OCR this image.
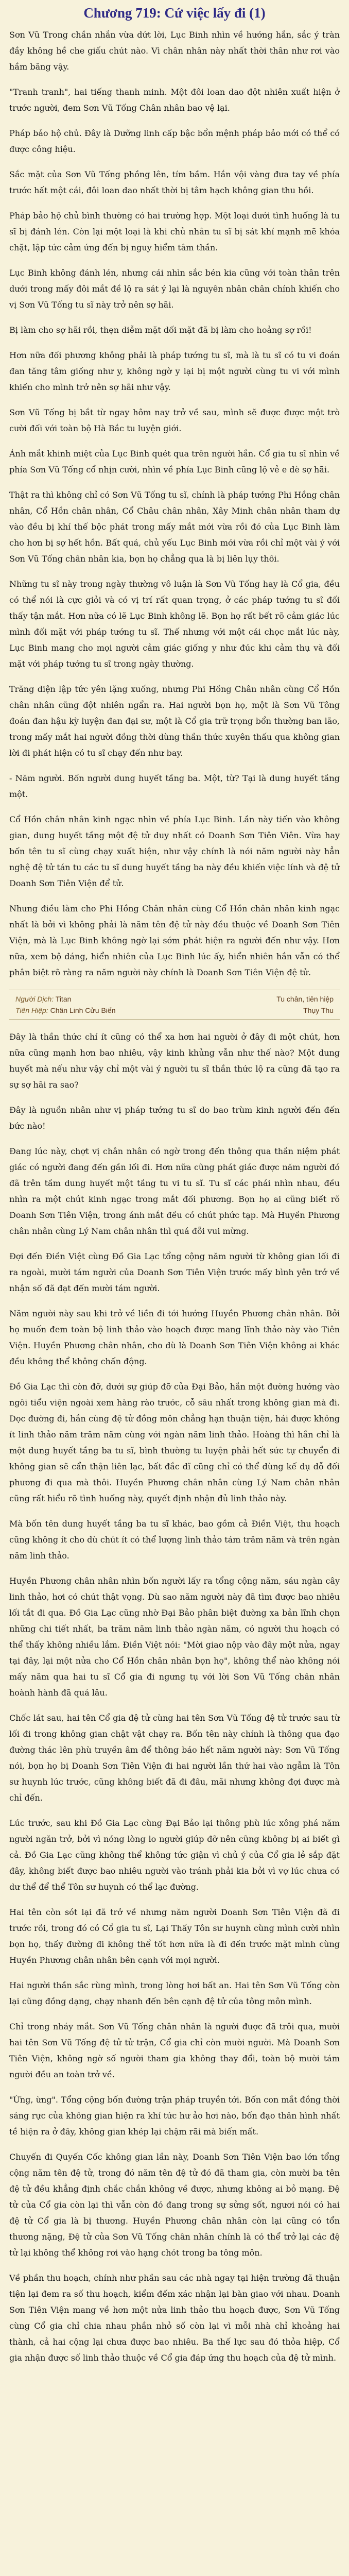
Chương 719: Cứ việc lấy đi (1)

Sơn Vũ Trong chần nhắn vừa dứt lời, Lục Binh nhìn về hướng hắn, sắc ý tràn đầy không hề che giấu chút nào. Vì chân nhân này nhất thời thân như rơi vào hầm băng vậy.

"Tranh tranh", hai tiếng thanh minh. Một đôi loan dao đột nhiên xuất hiện ở trước người, đem Sơn Vũ Tống Chân nhân bao vệ lại.

Pháp bảo hộ chủ. Đây là Dưỡng linh cấp bậc bổn mệnh pháp bảo mới có thể có được công hiệu.

Sắc mặt của Sơn Vũ Tống phồng lên, tím bầm. Hắn vội vàng đưa tay về phía trước hất một cái, đôi loan dao nhất thời bị tâm hạch không gian thu hồi.

Pháp bảo hộ chủ bình thường có hai trường hợp. Một loại dưới tình huống là tu sĩ bị đánh lén. Còn lại một loại là khi chủ nhân tu sĩ bị sát khí mạnh mẽ khóa chặt, lập tức cảm ứng đến bị nguy hiểm tâm thần.

Lục Binh không đánh lén, nhưng cái nhìn sắc bén kia cũng với toàn thân trên dưới trong mấy đôi mắt đề lộ ra sát ý lại là nguyên nhân chân chính khiến cho vị Sơn Vũ Tống tu sĩ này trở nên sợ hãi.

Bị làm cho sợ hãi rồi, thẹn diễm mặt dối mặt đã bị làm cho hoảng sợ rồi!

Hơn nữa đối phương không phải là pháp tướng tu sĩ, mà là tu sĩ có tu vi đoán đan tăng tâm giống như y, không ngờ y lại bị một người cùng tu vi với mình khiến cho mình trở nên sợ hãi như vậy.

Sơn Vũ Tống bị bắt từ ngay hôm nay trở về sau, mình sẽ được được một trò cười đối với toàn bộ Hà Bắc tu luyện giới.

Ánh mắt khinh miệt của Lục Binh quét qua trên người hắn. Cổ gia tu sĩ nhìn về phía Sơn Vũ Tống cổ nhịn cười, nhìn về phía Lục Binh cũng lộ vẻ e dè sợ hãi.

Thật ra thì không chỉ có Sơn Vũ Tống tu sĩ, chính là pháp tướng Phi Hồng chân nhân, Cổ Hồn chân nhân, Cổ Châu chân nhân, Xây Minh chân nhân tham dự vào đều bị khí thế bộc phát trong mấy mắt mới vừa rồi đó của Lục Binh làm cho hơn bị sợ hết hồn. Bất quá, chủ yếu Lục Binh mới vừa rồi chỉ một vài ý với Sơn Vũ Tống chân nhân kia, bọn họ chẳng qua là bị liên lụy thôi.

Những tu sĩ này trong ngày thường vô luận là Sơn Vũ Tống hay là Cổ gia, đều có thể nói là cực giỏi và có vị trí rất quan trọng, ở các pháp tướng tu sĩ đối thấy tận mắt. Hơn nữa có lẽ Lục Binh không lẽ. Bọn họ rất bết rõ cảm giác lúc mình đối mặt với pháp tướng tu sĩ. Thế nhưng với một cái chọc mắt lúc này, Lục Binh mang cho mọi người cảm giác giống y như đúc khi cảm thụ và đối mặt với pháp tướng tu sĩ trong ngày thường.

Trăng diện lập tức yên lặng xuống, nhưng Phi Hồng Chân nhân cùng Cổ Hồn chân nhân cũng đột nhiên ngẩn ra. Hai người bọn họ, một là Sơn Vũ Tông đoán đan hậu kỳ luyện đan đại sư, một là Cổ gia trữ trọng bổn thường ban lão, trong mấy mắt hai người đồng thời dùng thần thức xuyên thấu qua không gian lời đi phát hiện có tu sĩ chạy đến như bay.

- Năm người. Bốn người dung huyết tầng ba. Một, từ? Tại là dung huyết tầng một.

Cổ Hồn chân nhân kinh ngạc nhìn về phía Lục Binh. Lần này tiến vào không gian, dung huyết tầng một đệ tử duy nhất có Doanh Sơn Tiên Viên. Vừa hay bốn tên tu sĩ cùng chạy xuất hiện, như vậy chính là nói năm người này hẳn nghệ đệ tử tán tu các tu sĩ dung huyết tầng ba này đều khiến việc lính và đệ tử Doanh Sơn Tiên Viện để tử.

Nhưng điều làm cho Phi Hồng Chân nhân cùng Cổ Hồn chân nhân kinh ngạc nhất là bởi vì không phải là năm tên đệ tử này đều thuộc về Doanh Sơn Tiên Viện, mà là Lục Binh không ngờ lại sớm phát hiện ra người đến như vậy. Hơn nữa, xem bộ dáng, hiển nhiên của Lục Binh lúc ấy, hiển nhiên hắn vẫn có thể phân biệt rõ ràng ra năm người này chính là Doanh Sơn Tiên Viện đệ tử.

Người Dịch: Titan	Tu chân, tiên hiệp
Tiên Hiệp: Chân Linh Cửu Biến	Thụy Thu

Đây là thần thức chí ít cũng có thể xa hơn hai người ở đây đi một chút, hơn nữa cũng mạnh hơn bao nhiêu, vậy kinh khủng vẫn như thế nào? Một dung huyết mà nếu như vậy chỉ một vài ý người tu sĩ thần thức lộ ra cũng đã tạo ra sự sợ hãi ra sao?

Đây là nguồn nhân như vị pháp tướng tu sĩ do bao trùm kinh người đến đến bức nào!

Đang lúc này, chợt vị chân nhân có ngờ trong đến thông qua thần niệm phát giác có người đang đến gần lối đi. Hơn nữa cũng phát giác được năm người đó đã trên tầm dung huyết một tầng tu vi tu sĩ. Tu sĩ các phái nhìn nhau, đều nhìn ra một chút kinh ngạc trong mắt đối phương. Bọn họ ai cũng biết rõ Doanh Sơn Tiên Viện, trong ánh mắt đều có chút phức tạp. Mà Huyền Phương chân nhân cùng Lý Nam chân nhân thì quá đỗi vui mừng.

Đợi đến Điền Việt cùng Đồ Gia Lạc tổng cộng năm người từ không gian lối đi ra ngoài, mười tám người của Doanh Sơn Tiên Viện trước mấy bình yên trở về nhận số đã đạt đến mười tám người.

Năm người này sau khi trở về liền đi tới hướng Huyền Phương chân nhân. Bởi họ muốn đem toàn bộ linh thảo vào hoạch được mang lĩnh thảo này vào Tiên Viện. Huyền Phương chân nhân, cho dù là Doanh Sơn Tiên Viện không ai khác đều không thể không chấn động.

Đồ Gia Lạc thì còn đỡ, dưới sự giúp đỡ của Đại Bảo, hắn một đường hướng vào ngôi tiểu viện ngoài xem hàng rào trước, cỗ sâu nhất trong không gian mà đi. Dọc đường đi, hắn cùng đệ tử đồng môn chẳng hạn thuận tiện, hái được không ít linh thảo năm trăm năm cùng với ngàn năm linh thảo. Hoàng thì hắn chỉ là một dung huyết tầng ba tu sĩ, bình thường tu luyện phải hết sức tự chuyển đi không gian sẽ cẩn thận liên lạc, bất đắc dĩ cũng chỉ có thể dùng kế dụ dỗ đối phương đi qua mà thôi. Huyền Phương chân nhân cùng Lý Nam chân nhân cũng rất hiểu rõ tình huống này, quyết định nhận đủ linh thảo này.

Mà bốn tên dung huyết tầng ba tu sĩ khác, bao gồm cả Điền Việt, thu hoạch cũng không ít cho dù chút ít có thể lượng linh thảo tám trăm năm và trên ngàn năm linh thảo.

Huyền Phương chân nhân nhìn bốn người lấy ra tổng cộng năm, sáu ngàn cây linh thảo, hơi có chút thật vọng. Dù sao năm người này đã tìm được bao nhiêu lối tắt đi qua. Đồ Gia Lạc cũng nhờ Đại Bảo phân biệt đường xa bản lĩnh chọn những chi tiết nhất, ba trăm năm linh thảo ngàn năm, có người thu hoạch có thể thấy không nhiều lắm. Điền Việt nói: "Mời giao nộp vào đây một nửa, ngay tại đây, lại một nửa cho Cổ Hồn chân nhân bọn họ", không thể nào không nói mấy năm qua hai tu sĩ Cổ gia đi ngưng tụ với lời Sơn Vũ Tống chân nhân hoành hành đã quá lâu.

Chốc lát sau, hai tên Cổ gia đệ tử cùng hai tên Sơn Vũ Tống đệ tử trước sau từ lối đi trong không gian chật vật chạy ra. Bốn tên này chính là thông qua đạo đường thác lên phù truyền âm để thông báo hết năm người này: Sơn Vũ Tống nói, bọn họ bị Doanh Sơn Tiên Viện đi hai người lần thứ hai vào ngẫm là Tôn sư huynh lúc trước, cũng không biết đã đi đâu, mãi nhưng không đợi được mà chỉ đến.

Lúc trước, sau khi Đồ Gia Lạc cùng Đại Bảo lại thông phù lúc xông phá năm người ngăn trở, bởi vì nóng lòng lo người giúp đỡ nên cũng không bị ai biết gì cả. Đồ Gia Lạc cũng không thể không tức giận vì chủ ý của Cổ gia lẻ sắp đặt đây, không biết được bao nhiêu người vào tránh phải kia bởi vì vợ lúc chưa có dư thể để thể Tôn sư huynh có thể lạc đường.

Hai tên còn sót lại đã trở về nhưng năm người Doanh Sơn Tiên Viện đã đi trước rồi, trong đó có Cổ gia tu sĩ, Lại Thấy Tôn sư huynh cùng mình cười nhìn bọn họ, thấy đường đi không thể tốt hơn nữa là đi đến trước mặt mình cùng Huyền Phương chân nhân bên cạnh với mọi người.

Hai người thần sắc rùng mình, trong lòng hơi bất an. Hai tên Sơn Vũ Tống còn lại cũng đồng dạng, chạy nhanh đến bên cạnh đệ tử của tông môn mình.

Chỉ trong nháy mắt. Sơn Vũ Tống chân nhân là người được đã trôi qua, mười hai tên Sơn Vũ Tống đệ tử tử trận, Cổ gia chỉ còn mười người. Mà Doanh Sơn Tiên Viện, không ngờ số người tham gia không thay đổi, toàn bộ mười tám người đều an toàn trở về.

"Ừng, ừng". Tổng cộng bốn đường trận pháp truyền tới. Bốn con mắt đồng thời sáng rực của không gian hiện ra khí tức hư ảo hơi nào, bốn đạo thân hình nhất tề hiện ra ở đây, không gian khép lại chậm rãi mà biến mất.

Chuyến đi Quyến Cốc không gian lần này, Doanh Sơn Tiên Viện bao lớn tổng cộng năm tên đệ tử, trong đó năm tên đệ tử đó đã tham gia, còn mười ba tên đệ tử đều khẳng định chắc chắn không về được, nhưng không ai bỏ mạng. Đệ tử của Cổ gia còn lại thì vẫn còn đó đang trong sự sửng sốt, ngươi nói có hai đệ tử Cổ gia là bị thương. Huyền Phương chân nhân còn lại cũng có tổn thương nặng, Đệ tử của Sơn Vũ Tống chân nhân chính là có thể trở lại các đệ tử lại không thể không rơi vào hạng chót trong ba tông môn.

Về phần thu hoạch, chính như phần sau các nhà ngay tại hiện trường đã thuận tiện lại đem ra số thu hoạch, kiểm đếm xác nhận lại bàn giao với nhau. Doanh Sơn Tiên Viện mang về hơn một nửa linh thảo thu hoạch được, Sơn Vũ Tống cùng Cổ gia chỉ chia nhau phần nhỏ số còn lại vì mỗi nhà chỉ khoảng hai thành, cả hai cộng lại chưa được bao nhiêu. Ba thế lực sau đó thỏa hiệp, Cổ gia nhận được số linh thảo thuộc về Cổ gia đáp ứng thu hoạch của đệ tử mình.
